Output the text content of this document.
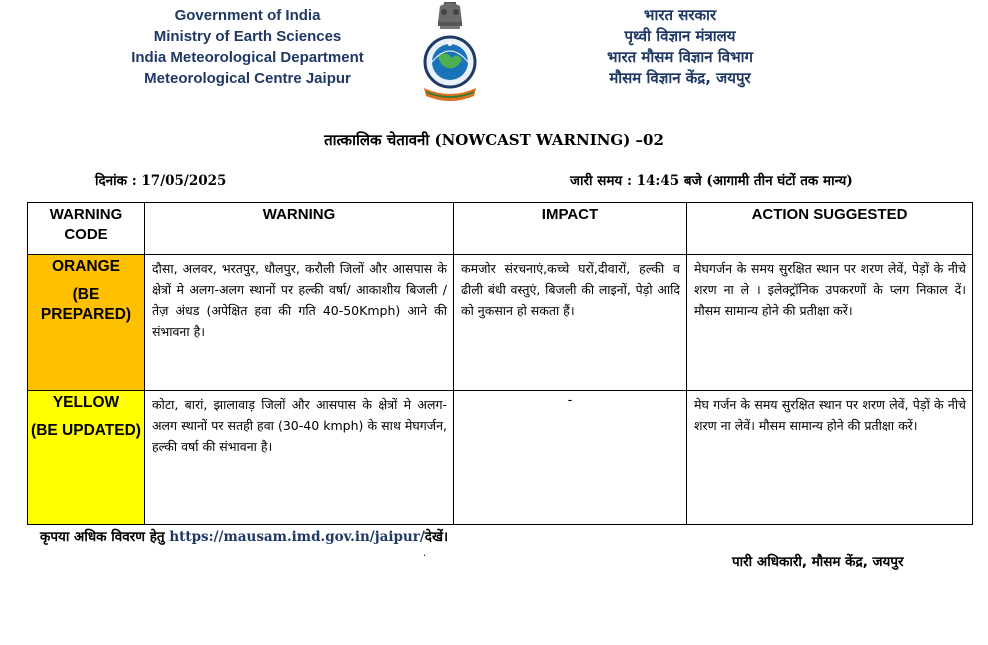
Government of India
Ministry of Earth Sciences
India Meteorological Department
Meteorological Centre Jaipur
भारत सरकार
पृथ्वी विज्ञान मंत्रालय
भारत मौसम विज्ञान विभाग
मौसम विज्ञान केंद्र, जयपुर
तात्कालिक चेतावनी (NOWCAST WARNING) –02
दिनांक : 17/05/2025	जारी समय : 14:45 बजे (आगामी तीन घंटों तक मान्य)
WARNING CODE	WARNING	IMPACT	ACTION SUGGESTED

ORANGE
(BE PREPARED)	दौसा, अलवर, भरतपुर, धौलपुर, करौली जिलों और आसपास के क्षेत्रों मे अलग-अलग स्थानों पर हल्की वर्षा/ आकाशीय बिजली / तेज़ अंधड (अपेक्षित हवा की गति 40-50Kmph) आने की संभावना है।	कमजोर संरचनाएं,कच्चे घरों,दीवारों, हल्की व ढीली बंधी वस्तुएं, बिजली की लाइनों, पेड़ो आदि को नुकसान हो सकता हैं।	मेघगर्जन के समय सुरक्षित स्थान पर शरण लेवें, पेड़ों के नीचे शरण ना ले । इलेक्ट्रॉनिक उपकरणों के प्लग निकाल दें।मौसम सामान्य होने की प्रतीक्षा करें।

YELLOW
(BE UPDATED)	कोटा, बारां, झालावाड़ जिलों और आसपास के क्षेत्रों मे अलग-अलग स्थानों पर सतही हवा (30-40 kmph) के साथ मेघगर्जन, हल्की वर्षा की संभावना है।	-	मेघ गर्जन के समय सुरक्षित स्थान पर शरण लेवें, पेड़ों के नीचे शरण ना लेवें। मौसम सामान्य होने की प्रतीक्षा करें।
कृपया अधिक विवरण हेतु https://mausam.imd.gov.in/jaipur/देखें।
.
पारी अधिकारी, मौसम केंद्र, जयपुर
